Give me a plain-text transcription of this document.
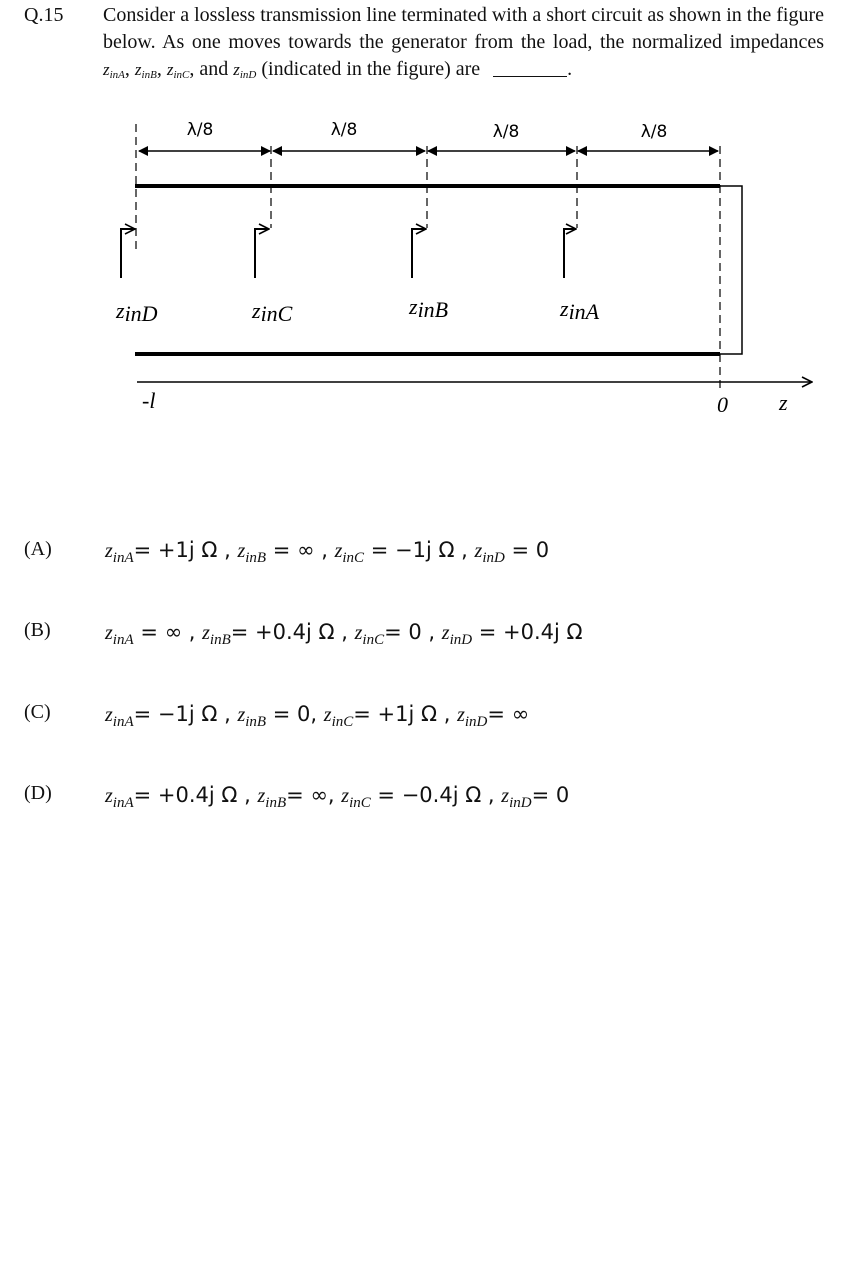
Q.15 Consider a lossless transmission line terminated with a short circuit as shown in the figure below. As one moves towards the generator from the load, the normalized impedances $z_{inA}$, $z_{inB}$, $z_{inC}$, and $z_{inD}$ (indicated in the figure) are	.
λ/8	λ/8	λ/8	λ/8
zinD	zinC	zinB	zinA
-l	0 z
(A)	$z_{inA}= +1j$ Ω , $z_{inB}$ = ∞ , $z_{inC} = -1j$ Ω , $z_{inD} = 0$
(B)	$z_{inA}$ = ∞ , $z_{inB}= +0.4j$ Ω , $z_{inC}= 0$ , $z_{inD} = +0.4j$ Ω
(C)	$z_{inA}= -1j$ Ω , $z_{inB} = 0$, $z_{inC}= +1j$ Ω , $z_{inD}=$ ∞
(D)	$z_{inA}= +0.4j$ Ω , $z_{inB}=$ ∞, $z_{inC} = -0.4j$ Ω , $z_{inD}= 0$
